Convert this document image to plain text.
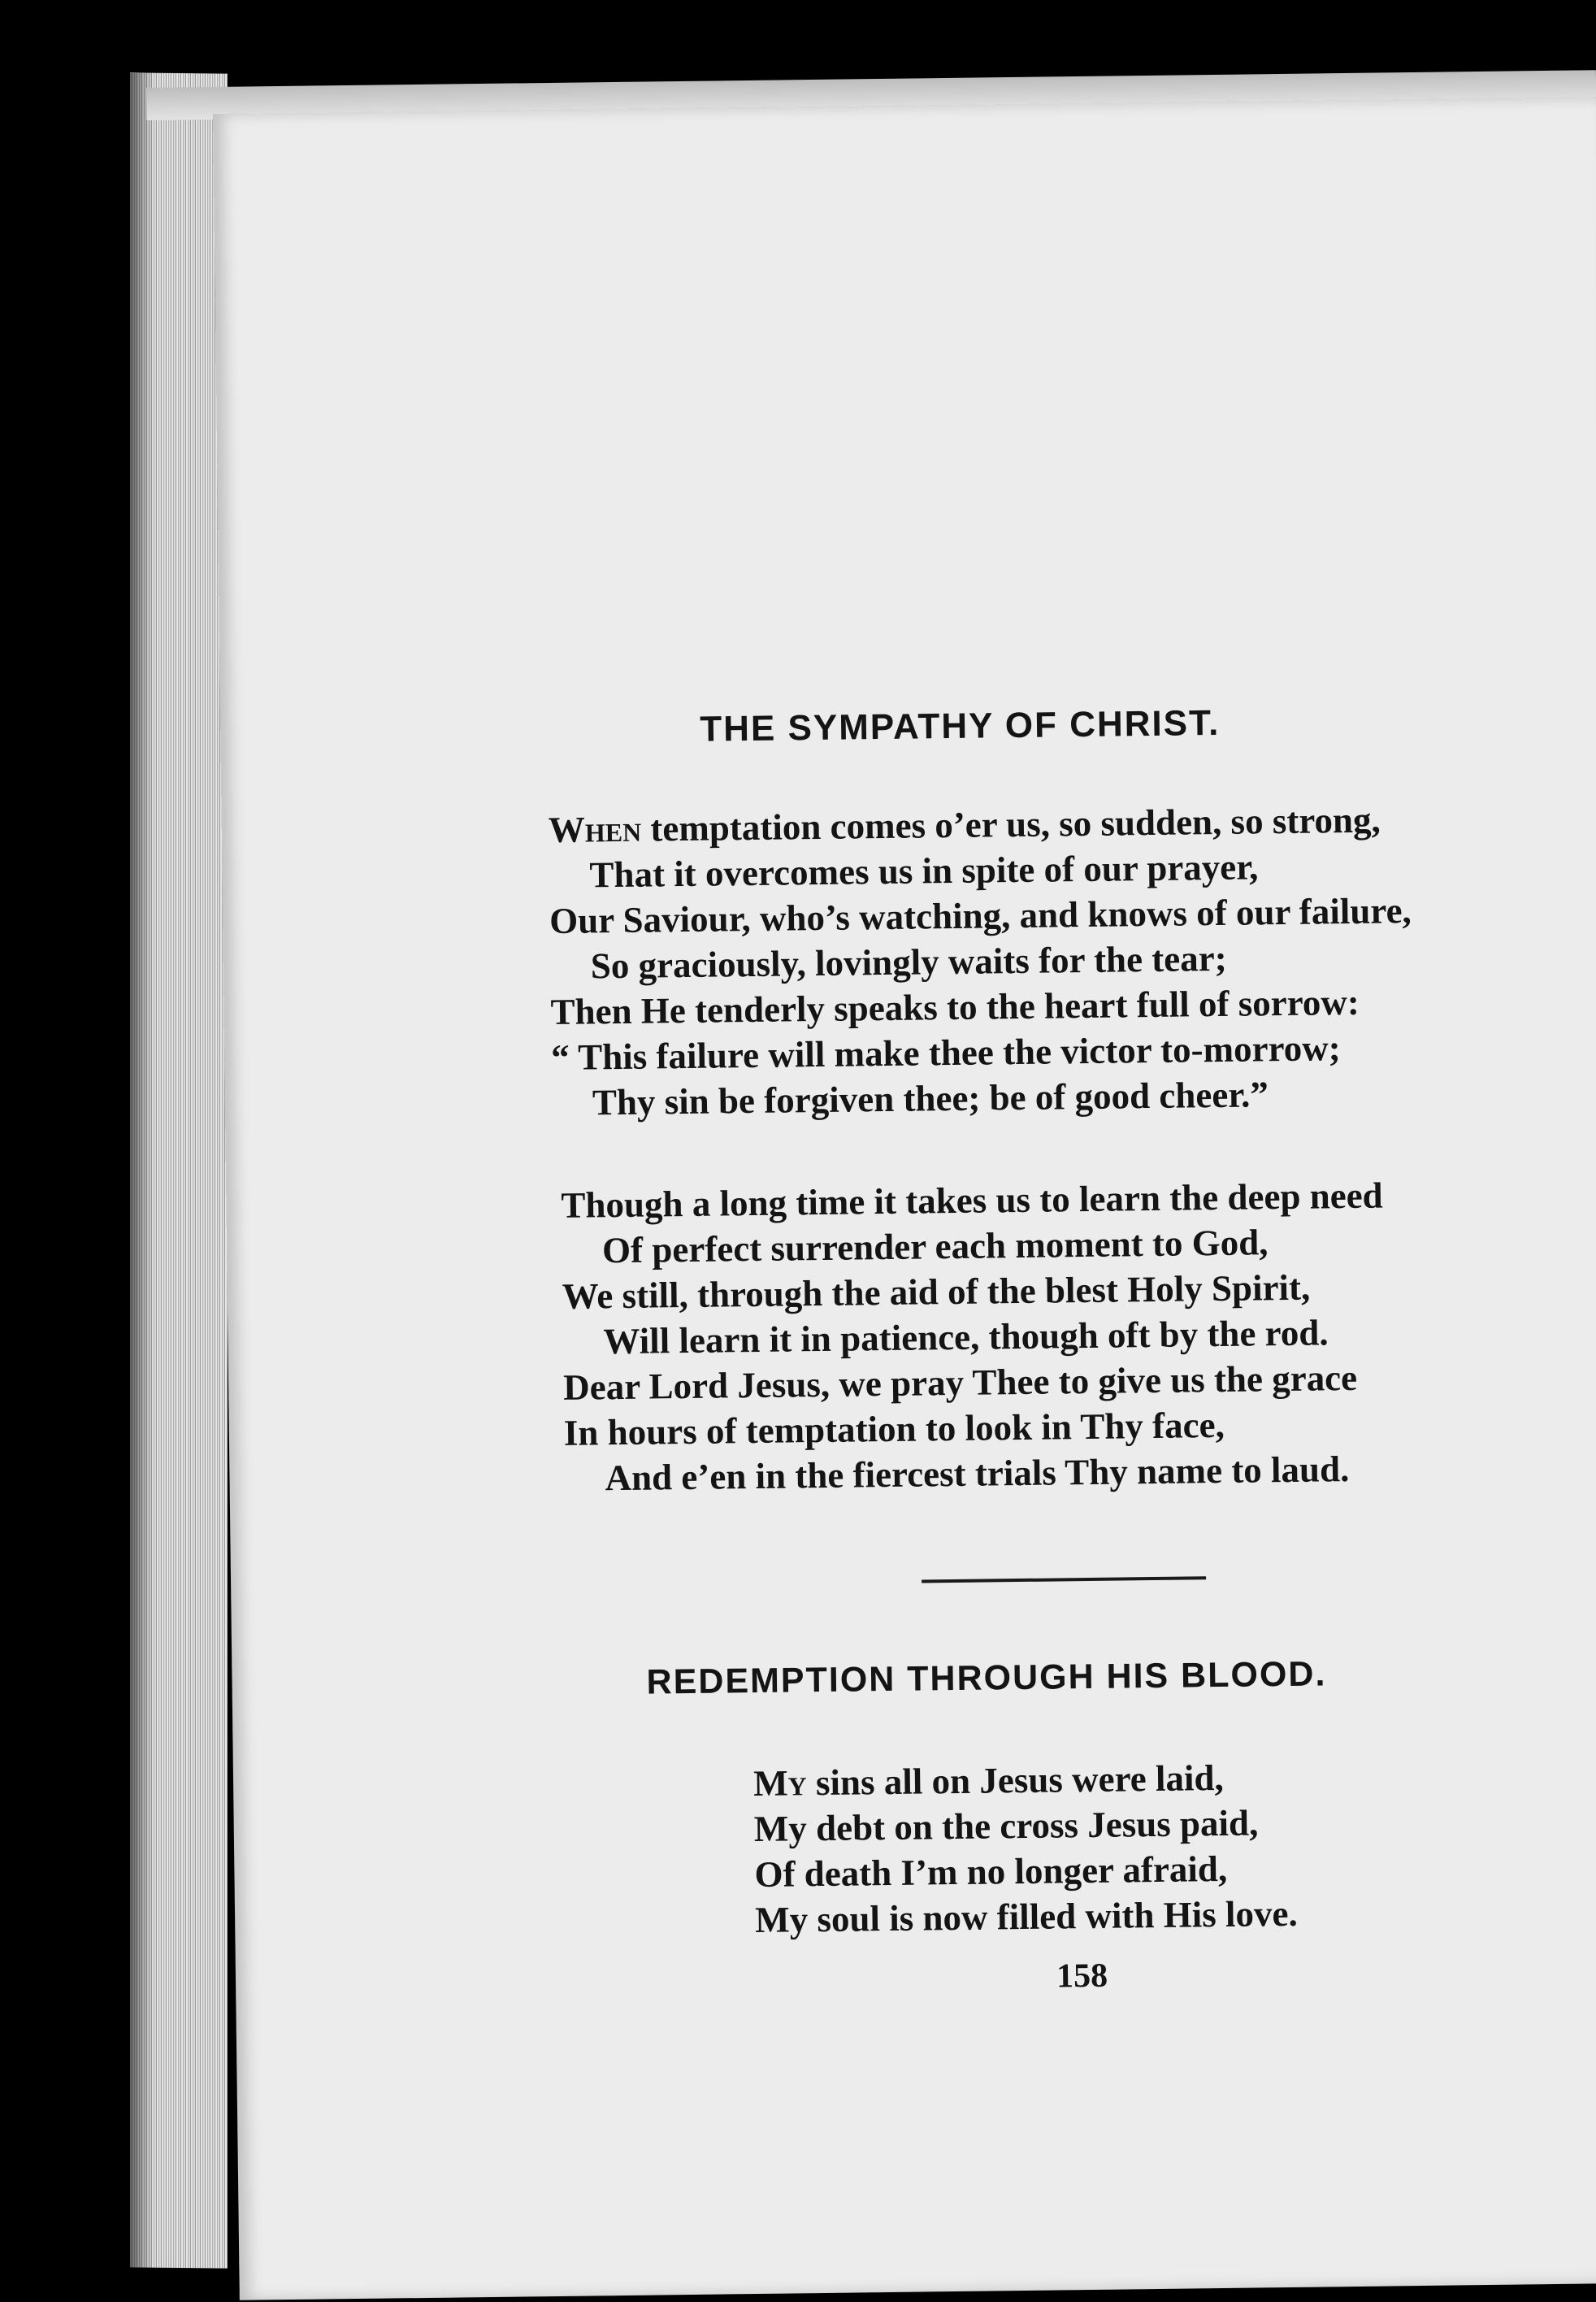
THE SYMPATHY OF CHRIST.
When temptation comes o’er us, so sudden, so strong,
That it overcomes us in spite of our prayer,
Our Saviour, who’s watching, and knows of our failure,
So graciously, lovingly waits for the tear;
Then He tenderly speaks to the heart full of sorrow:
“ This failure will make thee the victor to-morrow;
Thy sin be forgiven thee; be of good cheer.”
Though a long time it takes us to learn the deep need
Of perfect surrender each moment to God,
We still, through the aid of the blest Holy Spirit,
Will learn it in patience, though oft by the rod.
Dear Lord Jesus, we pray Thee to give us the grace
In hours of temptation to look in Thy face,
And e’en in the fiercest trials Thy name to laud.
REDEMPTION THROUGH HIS BLOOD.
My sins all on Jesus were laid,
My debt on the cross Jesus paid,
Of death I’m no longer afraid,
My soul is now filled with His love.
158
